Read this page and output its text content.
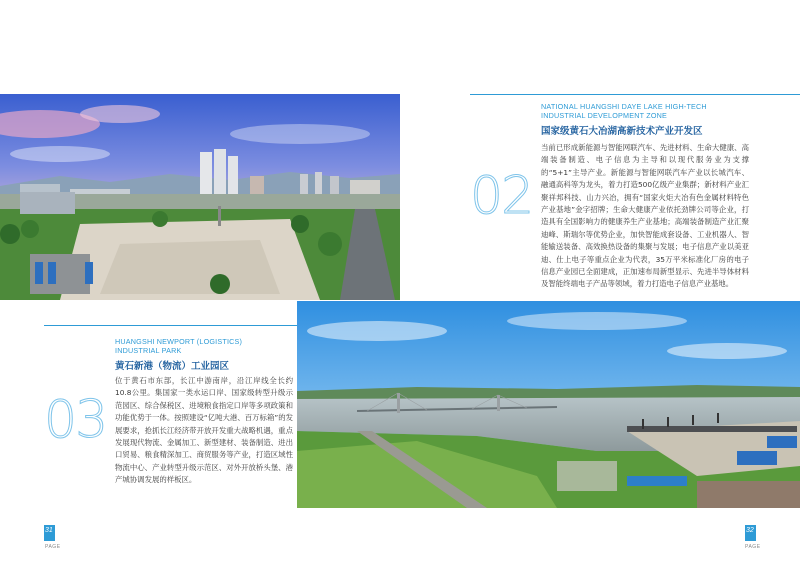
NATIONAL HUANGSHI DAYE LAKE HIGH-TECH
INDUSTRIAL DEVELOPMENT ZONE
国家级黄石大冶湖高新技术产业开发区
02
当前已形成新能源与智能网联汽车、先进材料、生命大健康、高端装备制造、电子信息为主导和以现代服务业为支撑的“5+1”主导产业。新能源与智能网联汽车产业以长城汽车、融通高科等为龙头，着力打造500亿级产业集群；新材料产业汇聚祥邦科技、山力兴冶，拥有“国家火炬大冶有色金属材料特色产业基地”金字招牌；生命大健康产业依托劲牌公司等企业，打造具有全国影响力的健康养生产业基地；高端装备制造产业汇聚迪峰、斯瑞尔等优势企业，加快智能成套设备、工业机器人、智能输送装备、高效换热设备的集聚与发展；电子信息产业以美亚迪、仕上电子等重点企业为代表，35万平米标准化厂房的电子信息产业园已全面建成，正加速布局新型显示、先进半导体材料及智能终端电子产品等领域，着力打造电子信息产业基地。
HUANGSHI NEWPORT (LOGISTICS)
INDUSTRIAL PARK
黄石新港（物流）工业园区
03
位于黄石市东部，长江中游南岸，沿江岸线全长约10.8公里。集国家一类水运口岸、国家级转型升级示范园区、综合保税区、进境粮食指定口岸等多项政策和功能优势于一体。按照建设“亿吨大港、百万标箱”的发展要求，抢抓长江经济带开放开发重大战略机遇，重点发展现代物流、金属加工、新型建材、装备制造、进出口贸易、粮食精深加工、商贸服务等产业，打造区域性物流中心、产业转型升级示范区、对外开放桥头堡、港产城协调发展的样板区。
31
PAGE
32
PAGE
